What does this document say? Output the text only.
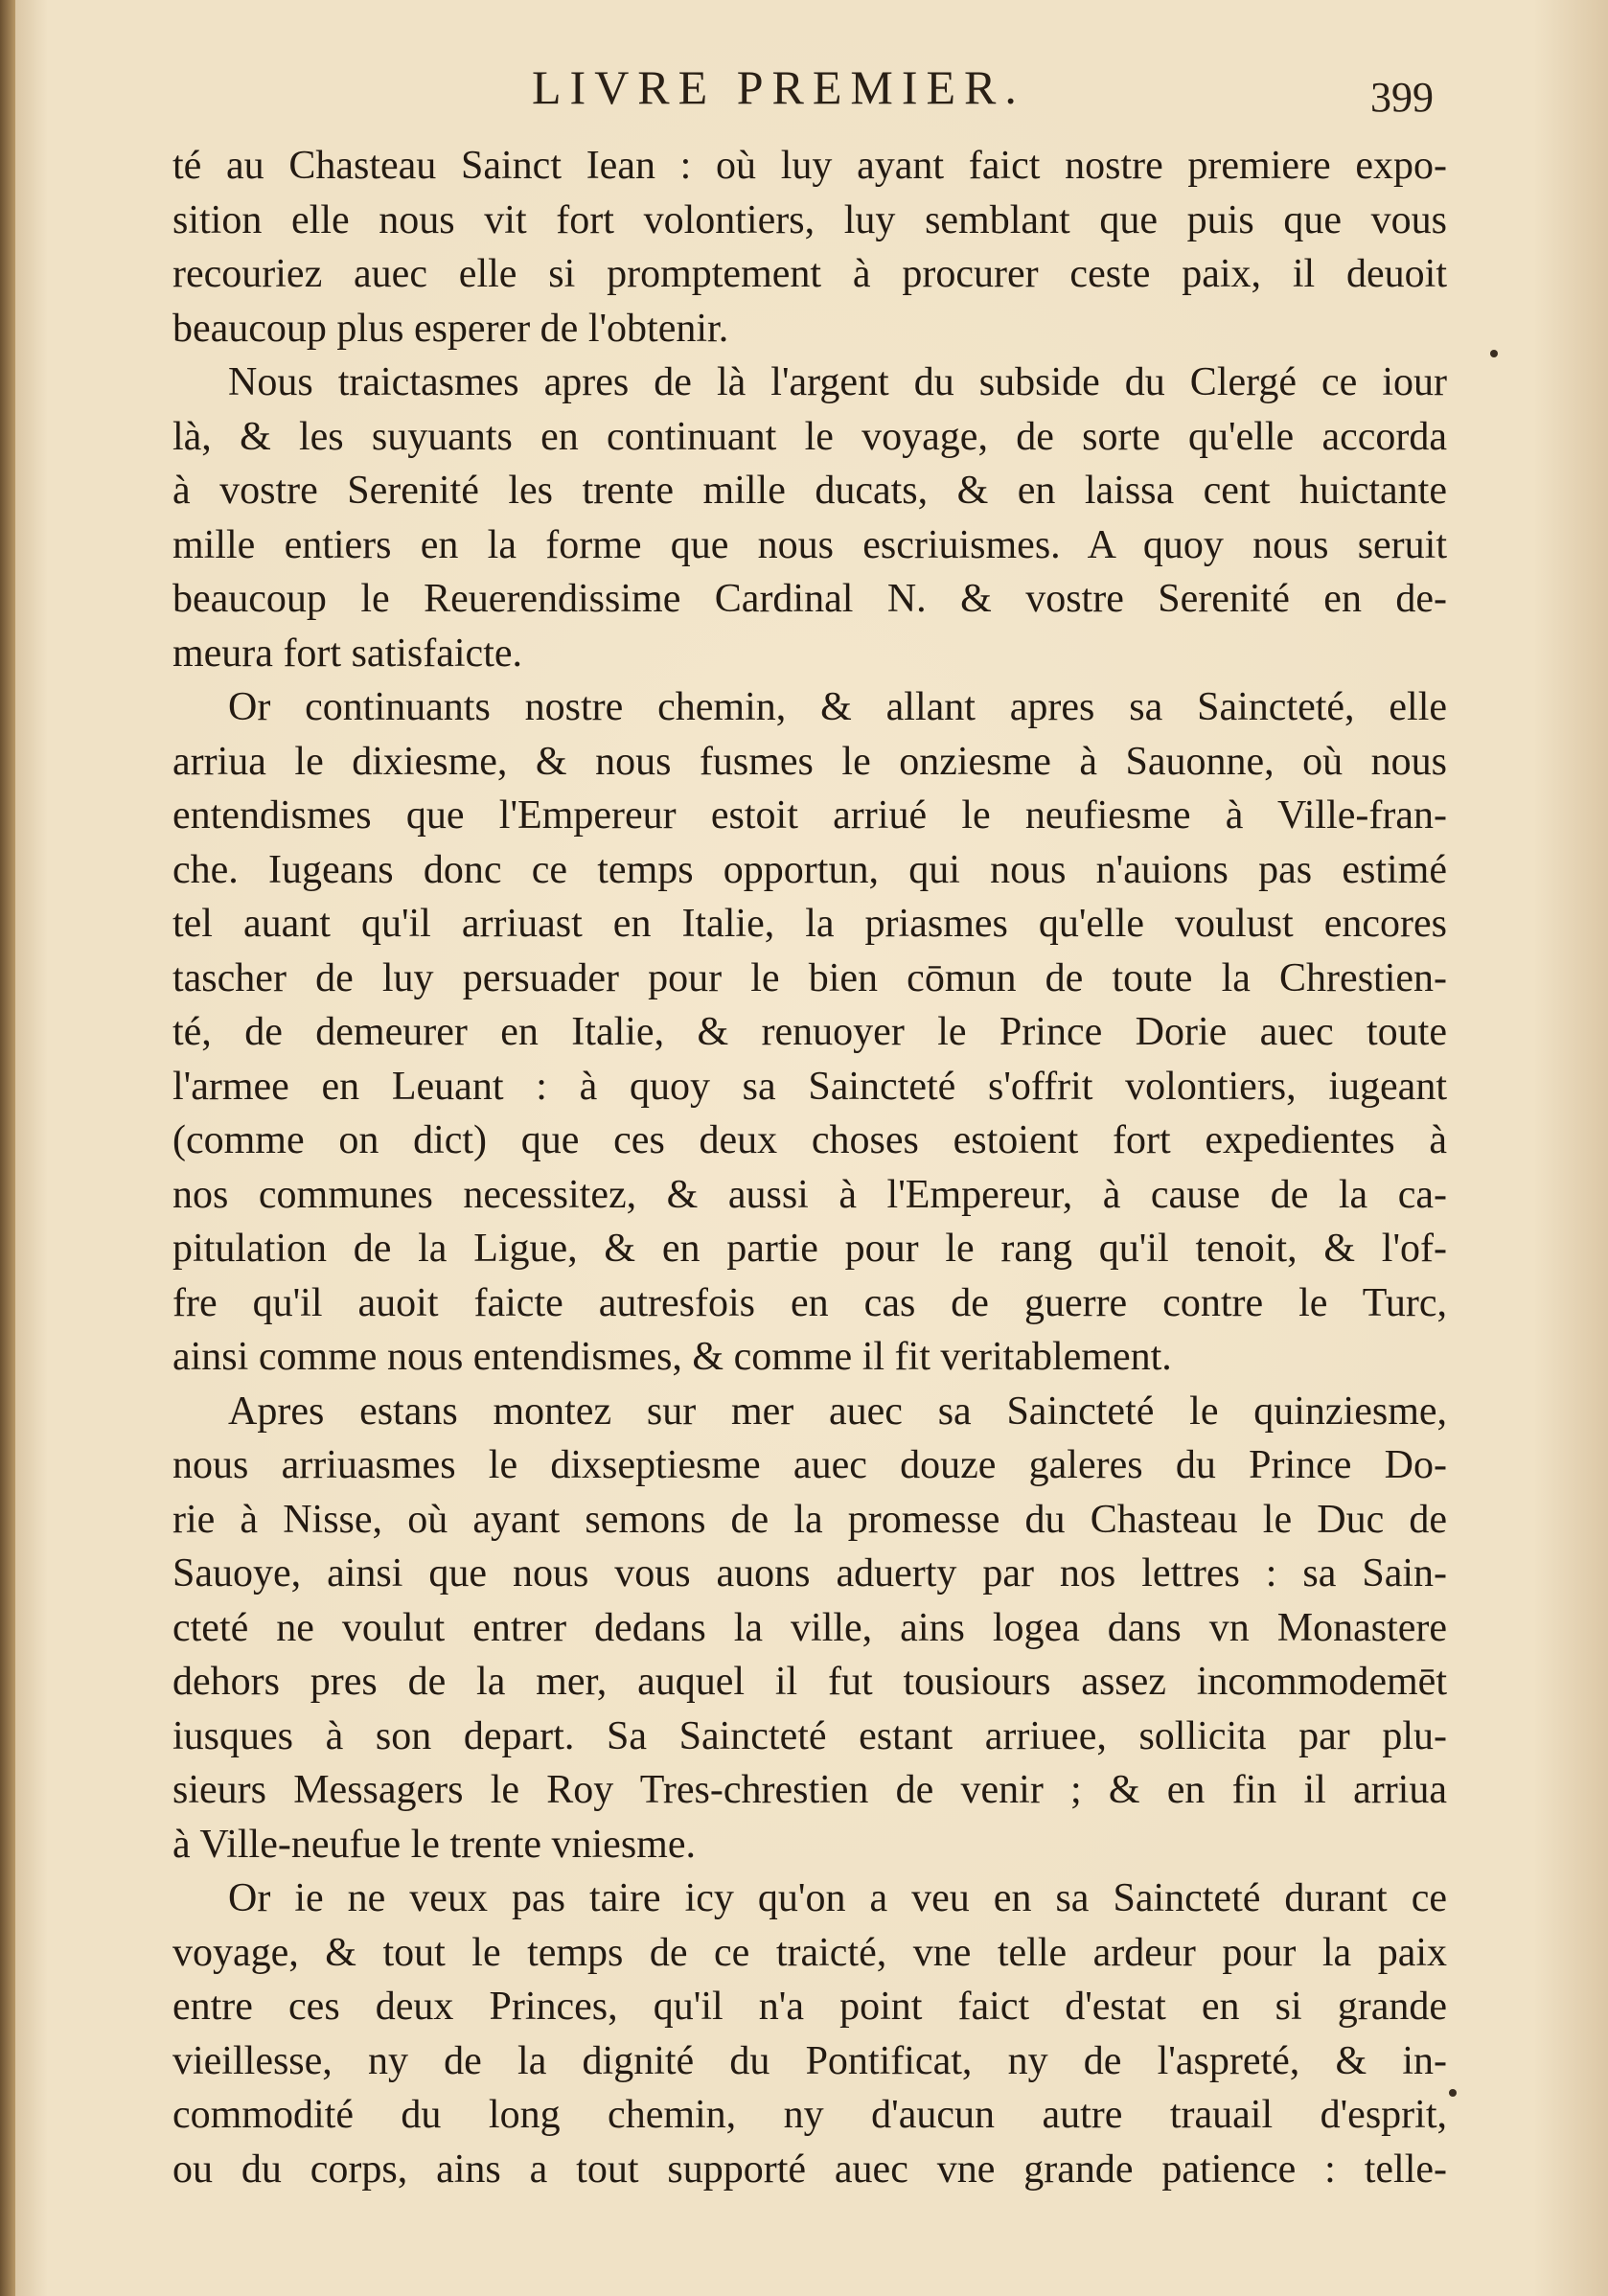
LIVRE PREMIER.	399
té au Chasteau Sainct Iean : où luy ayant faict nostre premiere expo-
sition elle nous vit fort volontiers, luy semblant que puis que vous
recouriez auec elle si promptement à procurer ceste paix, il deuoit
beaucoup plus esperer de l'obtenir.
Nous traictasmes apres de là l'argent du subside du Clergé ce iour
là, & les suyuants en continuant le voyage, de sorte qu'elle accorda
à vostre Serenité les trente mille ducats, & en laissa cent huictante
mille entiers en la forme que nous escriuismes. A quoy nous seruit
beaucoup le Reuerendissime Cardinal N. & vostre Serenité en de-
meura fort satisfaicte.
Or continuants nostre chemin, & allant apres sa Saincteté, elle
arriua le dixiesme, & nous fusmes le onziesme à Sauonne, où nous
entendismes que l'Empereur estoit arriué le neufiesme à Ville-fran-
che. Iugeans donc ce temps opportun, qui nous n'auions pas estimé
tel auant qu'il arriuast en Italie, la priasmes qu'elle voulust encores
tascher de luy persuader pour le bien cōmun de toute la Chrestien-
té, de demeurer en Italie, & renuoyer le Prince Dorie auec toute
l'armee en Leuant : à quoy sa Saincteté s'offrit volontiers, iugeant
(comme on dict) que ces deux choses estoient fort expedientes à
nos communes necessitez, & aussi à l'Empereur, à cause de la ca-
pitulation de la Ligue, & en partie pour le rang qu'il tenoit, & l'of-
fre qu'il auoit faicte autresfois en cas de guerre contre le Turc,
ainsi comme nous entendismes, & comme il fit veritablement.
Apres estans montez sur mer auec sa Saincteté le quinziesme,
nous arriuasmes le dixseptiesme auec douze galeres du Prince Do-
rie à Nisse, où ayant semons de la promesse du Chasteau le Duc de
Sauoye, ainsi que nous vous auons aduerty par nos lettres : sa Sain-
cteté ne voulut entrer dedans la ville, ains logea dans vn Monastere
dehors pres de la mer, auquel il fut tousiours assez incommodemēt
iusques à son depart. Sa Saincteté estant arriuee, sollicita par plu-
sieurs Messagers le Roy Tres-chrestien de venir ; & en fin il arriua
à Ville-neufue le trente vniesme.
Or ie ne veux pas taire icy qu'on a veu en sa Saincteté durant ce
voyage, & tout le temps de ce traicté, vne telle ardeur pour la paix
entre ces deux Princes, qu'il n'a point faict d'estat en si grande
vieillesse, ny de la dignité du Pontificat, ny de l'aspreté, & in-
commodité du long chemin, ny d'aucun autre trauail d'esprit,
ou du corps, ains a tout supporté auec vne grande patience : telle-
